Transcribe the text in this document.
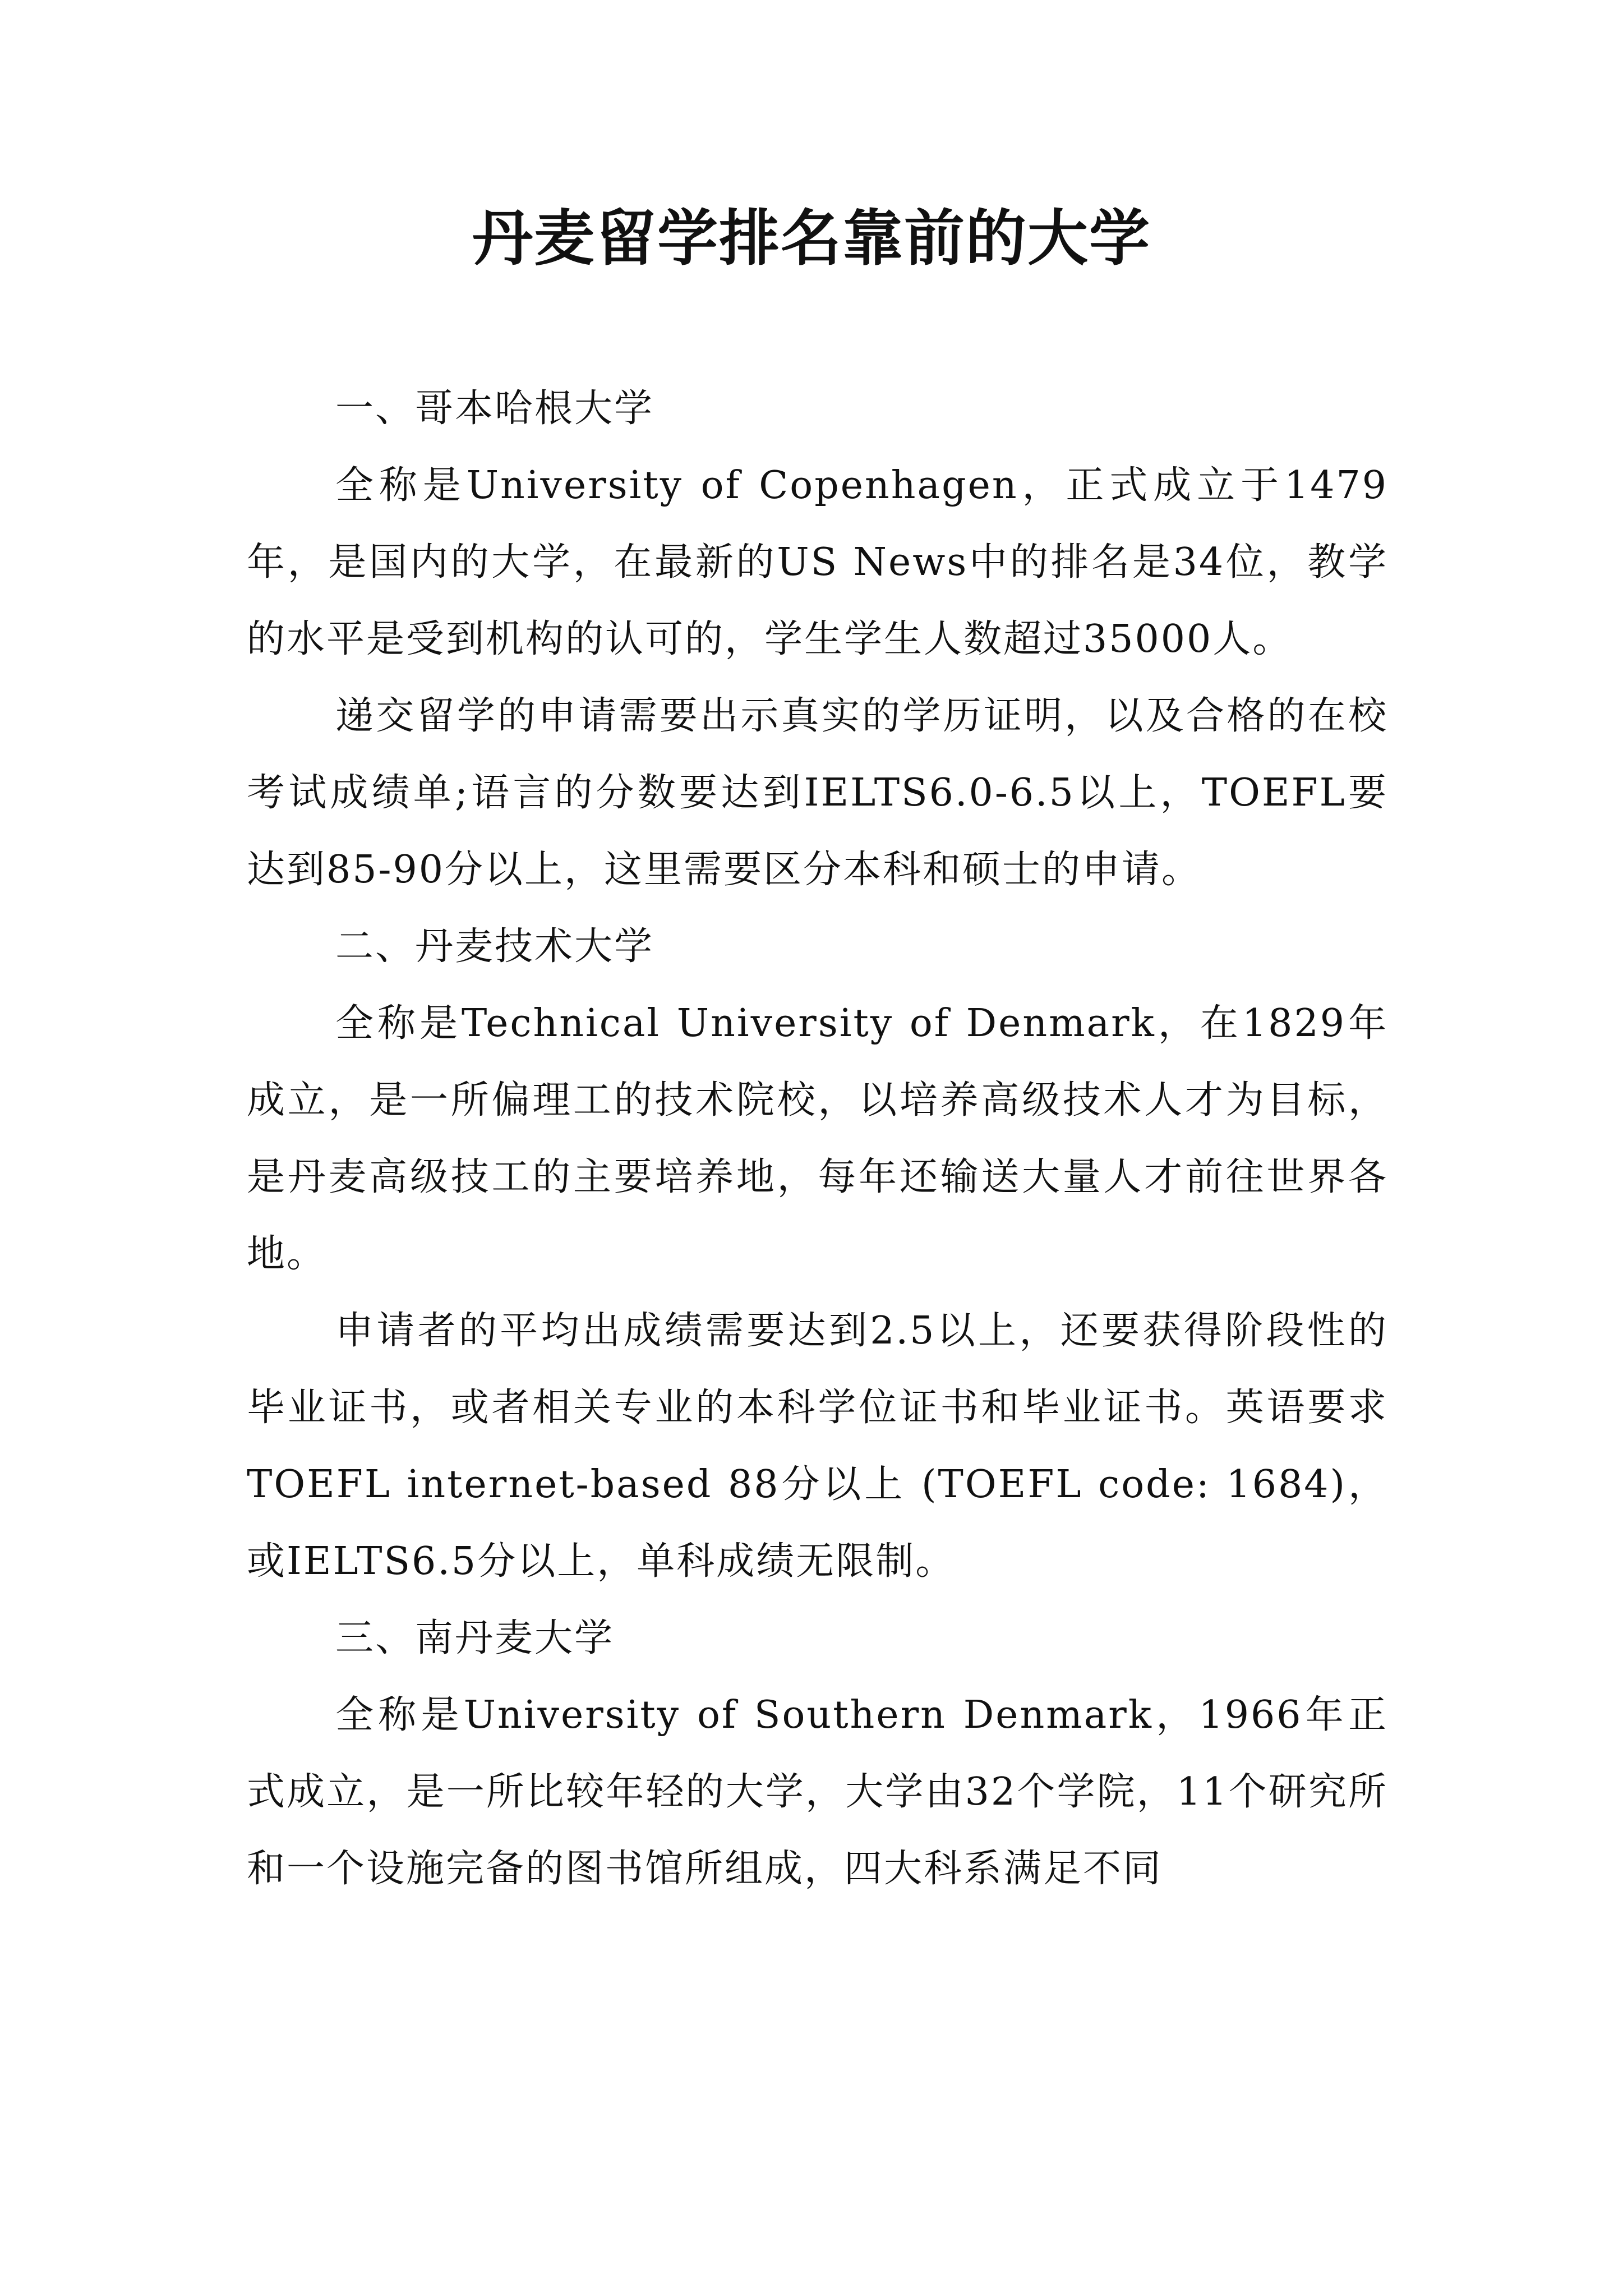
丹麦留学排名靠前的大学

一、哥本哈根大学

全称是University of Copenhagen，正式成立于1479年，是国内的大学，在最新的US News中的排名是34位，教学的水平是受到机构的认可的，学生学生人数超过35000人。

递交留学的申请需要出示真实的学历证明，以及合格的在校考试成绩单;语言的分数要达到IELTS6.0-6.5以上，TOEFL要达到85-90分以上，这里需要区分本科和硕士的申请。

二、丹麦技术大学

全称是Technical University of Denmark，在1829年成立，是一所偏理工的技术院校，以培养高级技术人才为目标，是丹麦高级技工的主要培养地，每年还输送大量人才前往世界各地。

申请者的平均出成绩需要达到2.5以上，还要获得阶段性的毕业证书，或者相关专业的本科学位证书和毕业证书。英语要求TOEFL internet-based 88分以上 (TOEFL code: 1684)，或IELTS6.5分以上，单科成绩无限制。

三、南丹麦大学

全称是University of Southern Denmark，1966年正式成立，是一所比较年轻的大学，大学由32个学院，11个研究所和一个设施完备的图书馆所组成，四大科系满足不同
